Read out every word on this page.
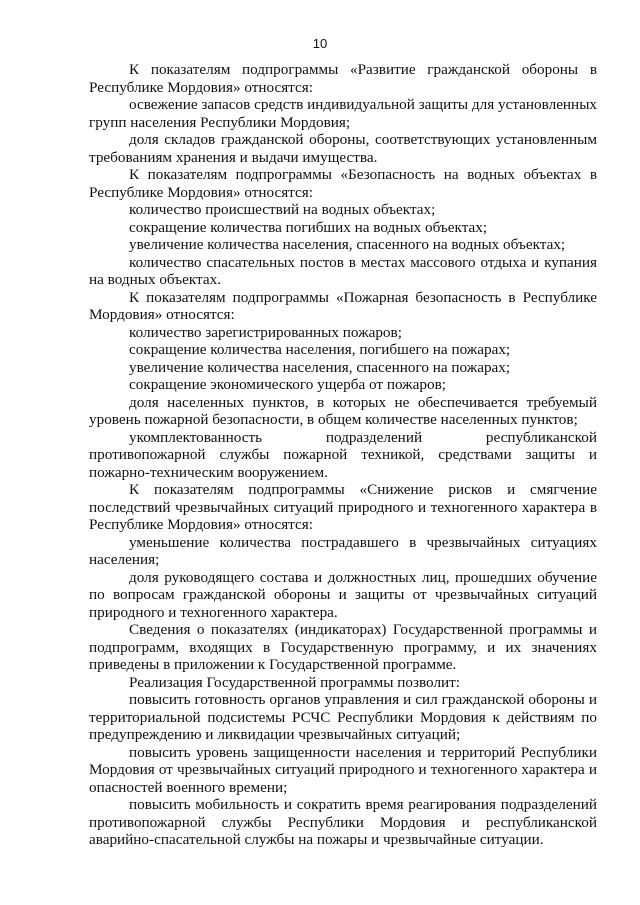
10

К показателям подпрограммы «Развитие гражданской обороны в Республике Мордовия» относятся:

освежение запасов средств индивидуальной защиты для установленных групп населения Республики Мордовия;

доля складов гражданской обороны, соответствующих установленным требованиям хранения и выдачи имущества.

К показателям подпрограммы «Безопасность на водных объектах в Республике Мордовия» относятся:

количество происшествий на водных объектах;

сокращение количества погибших на водных объектах;

увеличение количества населения, спасенного на водных объектах;

количество спасательных постов в местах массового отдыха и купания на водных объектах.

К показателям подпрограммы «Пожарная безопасность в Республике Мордовия» относятся:

количество зарегистрированных пожаров;

сокращение количества населения, погибшего на пожарах;

увеличение количества населения, спасенного на пожарах;

сокращение экономического ущерба от пожаров;

доля населенных пунктов, в которых не обеспечивается требуемый уровень пожарной безопасности, в общем количестве населенных пунктов;

укомплектованность подразделений республиканской противопожарной службы пожарной техникой, средствами защиты и пожарно-техническим вооружением.

К показателям подпрограммы «Снижение рисков и смягчение последствий чрезвычайных ситуаций природного и техногенного характера в Республике Мордовия» относятся:

уменьшение количества пострадавшего в чрезвычайных ситуациях населения;

доля руководящего состава и должностных лиц, прошедших обучение по вопросам гражданской обороны и защиты от чрезвычайных ситуаций природного и техногенного характера.

Сведения о показателях (индикаторах) Государственной программы и подпрограмм, входящих в Государственную программу, и их значениях приведены в приложении к Государственной программе.

Реализация Государственной программы позволит:

повысить готовность органов управления и сил гражданской обороны и территориальной подсистемы РСЧС Республики Мордовия к действиям по предупреждению и ликвидации чрезвычайных ситуаций;

повысить уровень защищенности населения и территорий Республики Мордовия от чрезвычайных ситуаций природного и техногенного характера и опасностей военного времени;

повысить мобильность и сократить время реагирования подразделений противопожарной службы Республики Мордовия и республиканской аварийно-спасательной службы на пожары и чрезвычайные ситуации.
